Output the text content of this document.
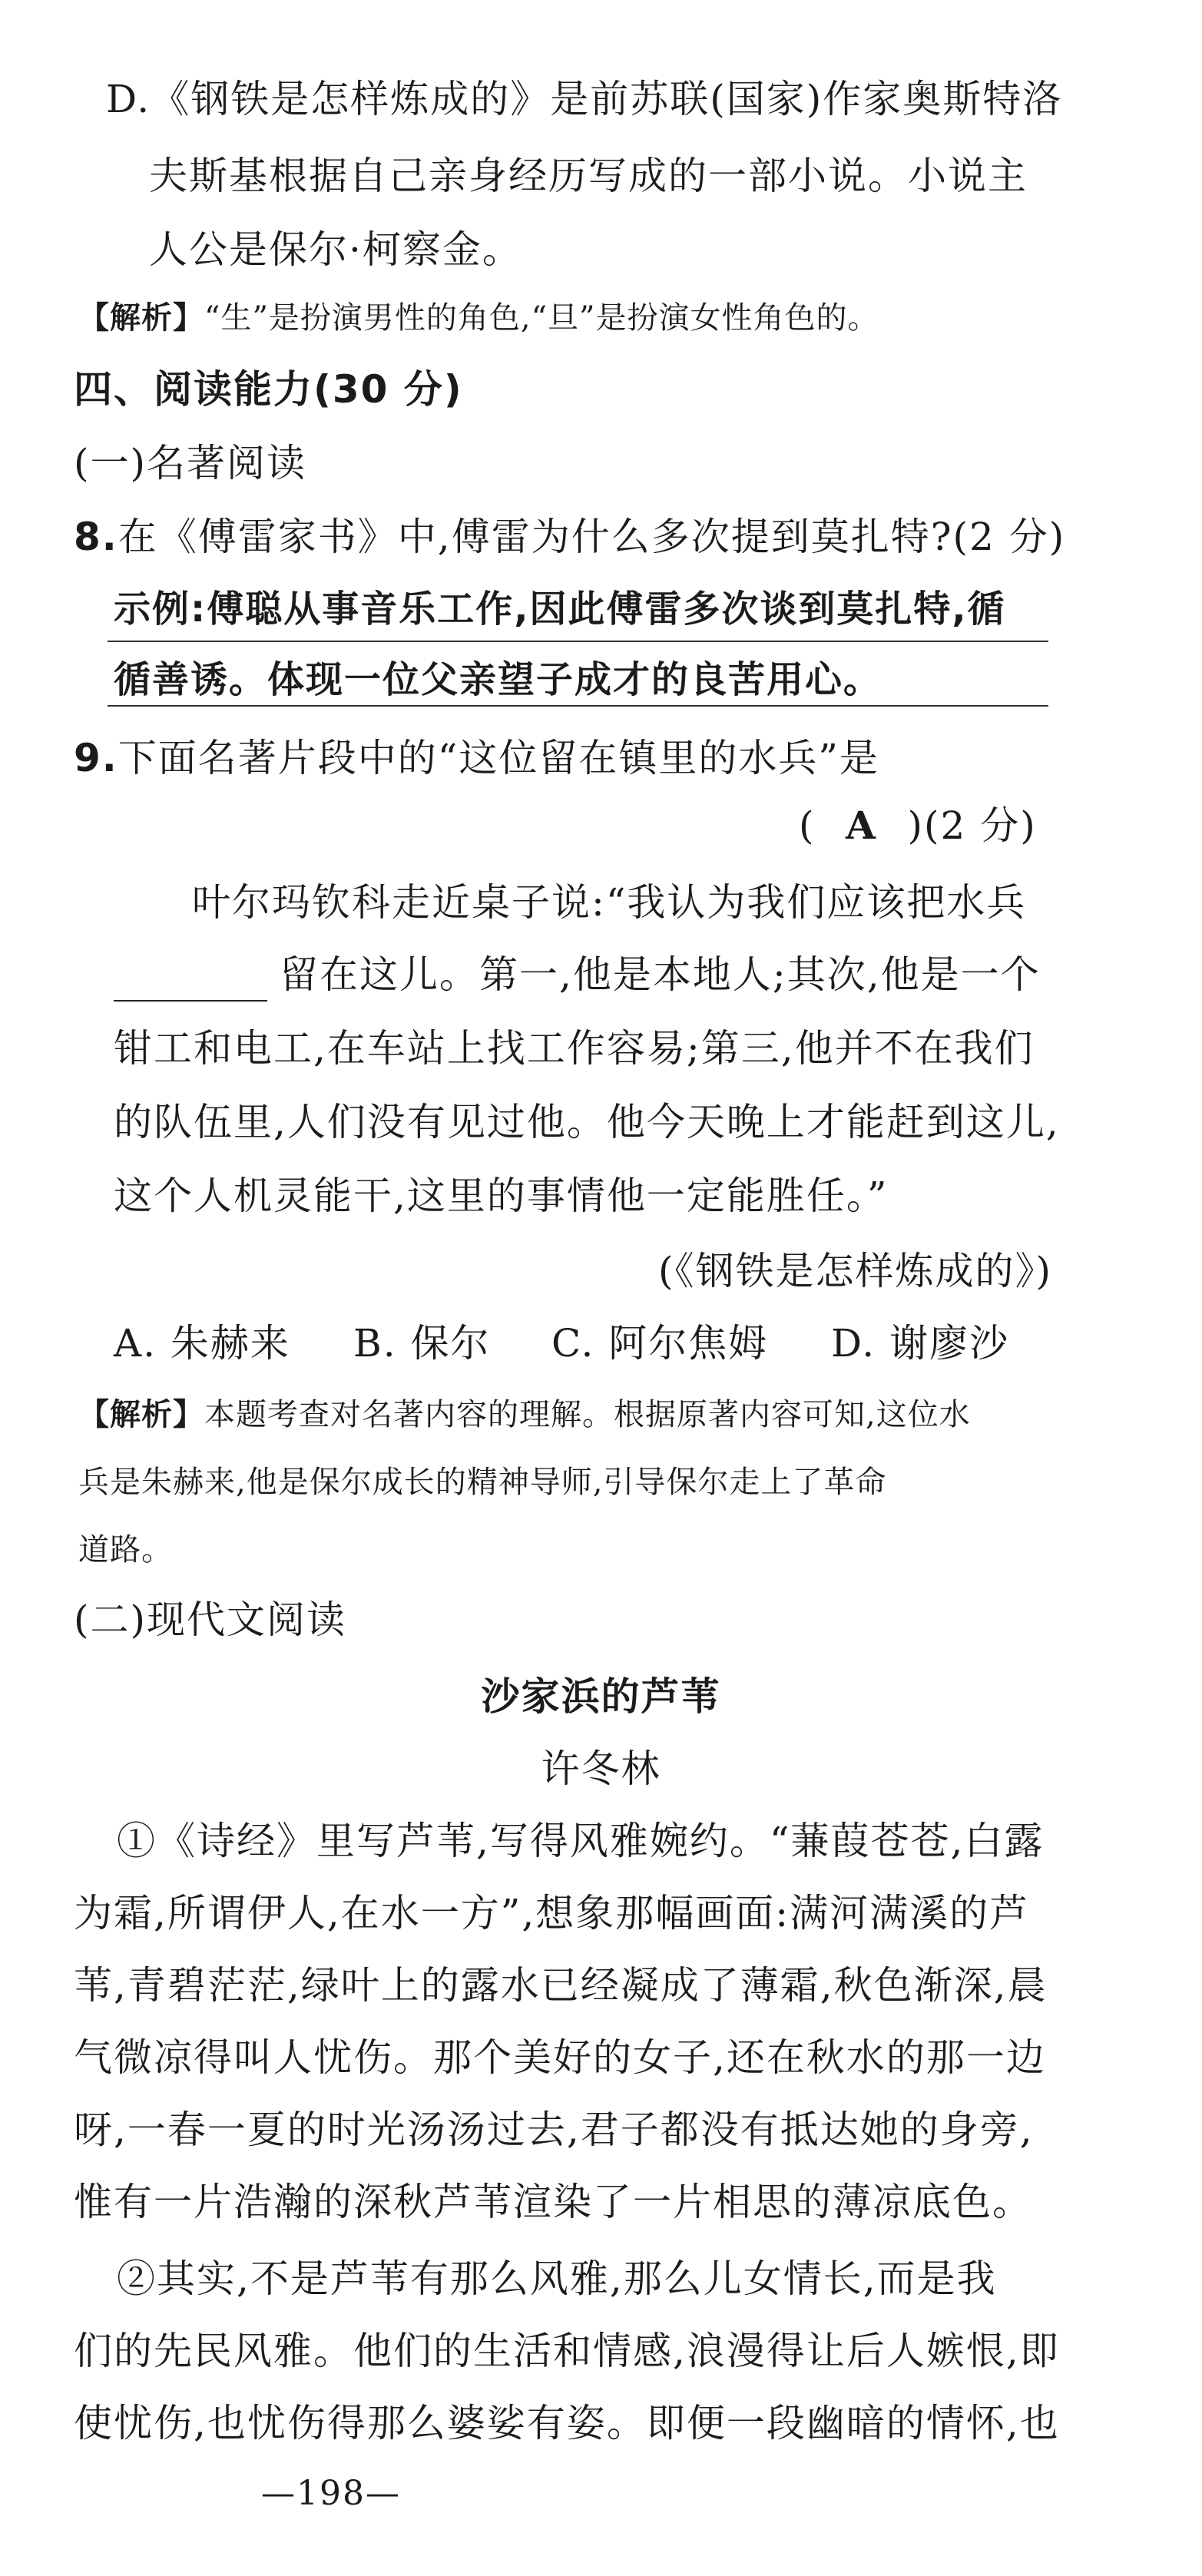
D.《钢铁是怎样炼成的》是前苏联(国家)作家奥斯特洛
夫斯基根据自己亲身经历写成的一部小说。小说主
人公是保尔·柯察金。
【解析】“生”是扮演男性的角色,“旦”是扮演女性角色的。
四、阅读能力(30 分)
(一)名著阅读
8.在《傅雷家书》中,傅雷为什么多次提到莫扎特?(2 分)
示例:傅聪从事音乐工作,因此傅雷多次谈到莫扎特,循
循善诱。体现一位父亲望子成才的良苦用心。
9.下面名著片段中的“这位留在镇里的水兵”是
( A )(2 分)
叶尔玛钦科走近桌子说:“我认为我们应该把水兵
留在这儿。第一,他是本地人;其次,他是一个
钳工和电工,在车站上找工作容易;第三,他并不在我们
的队伍里,人们没有见过他。他今天晚上才能赶到这儿,
这个人机灵能干,这里的事情他一定能胜任。”
(《钢铁是怎样炼成的》)
A. 朱赫来 B. 保尔 C. 阿尔焦姆 D. 谢廖沙
【解析】本题考查对名著内容的理解。根据原著内容可知,这位水
兵是朱赫来,他是保尔成长的精神导师,引导保尔走上了革命
道路。
(二)现代文阅读
沙家浜的芦苇
许冬林
①《诗经》里写芦苇,写得风雅婉约。“蒹葭苍苍,白露
为霜,所谓伊人,在水一方”,想象那幅画面:满河满溪的芦
苇,青碧茫茫,绿叶上的露水已经凝成了薄霜,秋色渐深,晨
气微凉得叫人忧伤。那个美好的女子,还在秋水的那一边
呀,一春一夏的时光汤汤过去,君子都没有抵达她的身旁,
惟有一片浩瀚的深秋芦苇渲染了一片相思的薄凉底色。
②其实,不是芦苇有那么风雅,那么儿女情长,而是我
们的先民风雅。他们的生活和情感,浪漫得让后人嫉恨,即
使忧伤,也忧伤得那么婆娑有姿。即便一段幽暗的情怀,也
—198—
